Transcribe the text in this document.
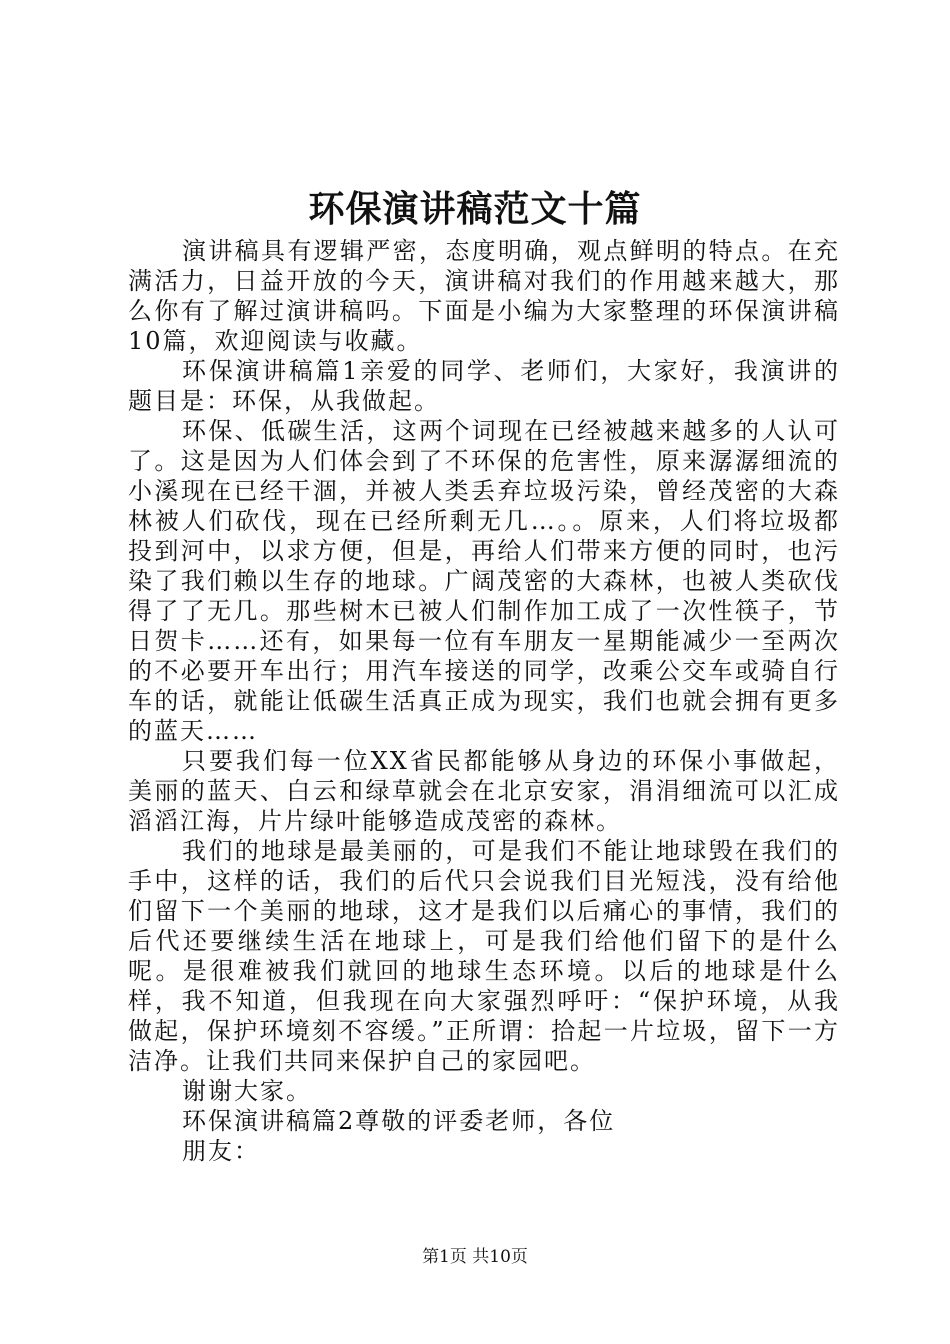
环保演讲稿范文十篇

演讲稿具有逻辑严密，态度明确，观点鲜明的特点。在充满活力，日益开放的今天，演讲稿对我们的作用越来越大，那么你有了解过演讲稿吗。下面是小编为大家整理的环保演讲稿10篇，欢迎阅读与收藏。

环保演讲稿篇1亲爱的同学、老师们，大家好，我演讲的题目是：环保，从我做起。

环保、低碳生活，这两个词现在已经被越来越多的人认可了。这是因为人们体会到了不环保的危害性，原来潺潺细流的小溪现在已经干涸，并被人类丢弃垃圾污染，曾经茂密的大森林被人们砍伐，现在已经所剩无几…。。原来，人们将垃圾都投到河中，以求方便，但是，再给人们带来方便的同时，也污染了我们赖以生存的地球。广阔茂密的大森林，也被人类砍伐得了了无几。那些树木已被人们制作加工成了一次性筷子，节日贺卡……还有，如果每一位有车朋友一星期能减少一至两次的不必要开车出行；用汽车接送的同学，改乘公交车或骑自行车的话，就能让低碳生活真正成为现实，我们也就会拥有更多的蓝天……

只要我们每一位XX省民都能够从身边的环保小事做起，美丽的蓝天、白云和绿草就会在北京安家，涓涓细流可以汇成滔滔江海，片片绿叶能够造成茂密的森林。

我们的地球是最美丽的，可是我们不能让地球毁在我们的手中，这样的话，我们的后代只会说我们目光短浅，没有给他们留下一个美丽的地球，这才是我们以后痛心的事情，我们的后代还要继续生活在地球上，可是我们给他们留下的是什么呢。是很难被我们就回的地球生态环境。以后的地球是什么样，我不知道，但我现在向大家强烈呼吁：“保护环境，从我做起，保护环境刻不容缓。”正所谓：拾起一片垃圾，留下一方洁净。让我们共同来保护自己的家园吧。

谢谢大家。

环保演讲稿篇2尊敬的评委老师，各位

朋友：

第1页 共10页
